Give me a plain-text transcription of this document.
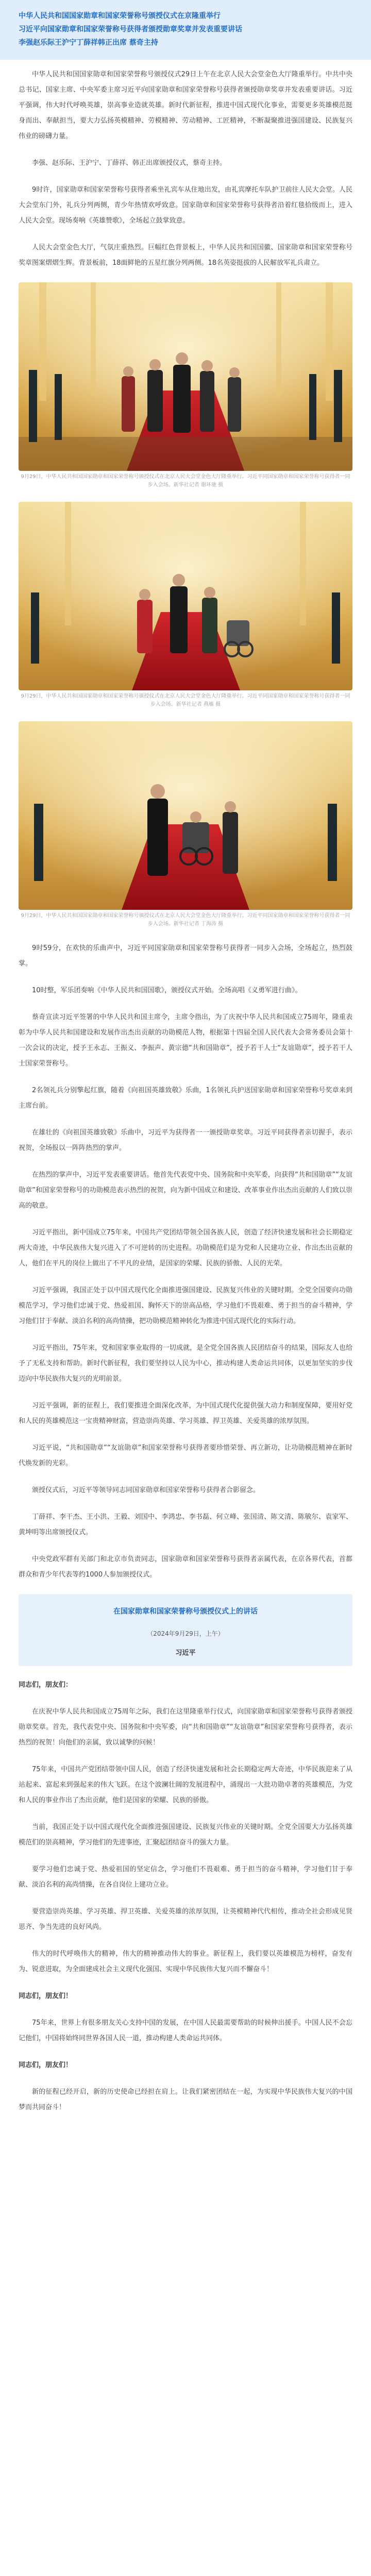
中华人民共和国国家勋章和国家荣誉称号颁授仪式在京隆重举行

习近平向国家勋章和国家荣誉称号获得者颁授勋章奖章并发表重要讲话

李强赵乐际王沪宁丁薛祥韩正出席 蔡奇主持

中华人民共和国国家勋章和国家荣誉称号颁授仪式29日上午在北京人民大会堂金色大厅隆重举行。中共中央总书记、国家主席、中央军委主席习近平向国家勋章和国家荣誉称号获得者颁授勋章奖章并发表重要讲话。习近平强调，伟大时代呼唤英雄，崇高事业造就英雄。新时代新征程，推进中国式现代化事业，需要更多英雄模范挺身而出、奉献担当，要大力弘扬英模精神、劳模精神、劳动精神、工匠精神，不断凝聚推进强国建设、民族复兴伟业的磅礴力量。

李强、赵乐际、王沪宁、丁薛祥、韩正出席颁授仪式，蔡奇主持。

9时许，国家勋章和国家荣誉称号获得者乘坐礼宾车从住地出发，由礼宾摩托车队护卫前往人民大会堂。人民大会堂东门外，礼兵分列两侧，青少年热情欢呼致意。国家勋章和国家荣誉称号获得者沿着红毯拾级而上，进入人民大会堂。现场奏响《英雄赞歌》，全场起立鼓掌致意。

人民大会堂金色大厅，气氛庄重热烈。巨幅红色背景板上，中华人民共和国国徽、国家勋章和国家荣誉称号奖章图案熠熠生辉。背景板前，18面鲜艳的五星红旗分列两侧。18名英姿挺拔的人民解放军礼兵肃立。

9月29日，中华人民共和国国家勋章和国家荣誉称号颁授仪式在北京人民大会堂金色大厅隆重举行。习近平同国家勋章和国家荣誉称号获得者一同步入会场。新华社记者 谢环驰 摄
9月29日，中华人民共和国国家勋章和国家荣誉称号颁授仪式在北京人民大会堂金色大厅隆重举行。习近平同国家勋章和国家荣誉称号获得者一同步入会场。新华社记者 燕雁 摄
9月29日，中华人民共和国国家勋章和国家荣誉称号颁授仪式在北京人民大会堂金色大厅隆重举行。习近平同国家勋章和国家荣誉称号获得者一同步入会场。新华社记者 丁海涛 摄

9时59分，在欢快的乐曲声中，习近平同国家勋章和国家荣誉称号获得者一同步入会场，全场起立，热烈鼓掌。

10时整，军乐团奏响《中华人民共和国国歌》，颁授仪式开始。全场高唱《义勇军进行曲》。

蔡奇宣读习近平签署的中华人民共和国主席令，主席令指出，为了庆祝中华人民共和国成立75周年，隆重表彰为中华人民共和国建设和发展作出杰出贡献的功勋模范人物，根据第十四届全国人民代表大会常务委员会第十一次会议的决定，授予王永志、王振义、李振声、黄宗德“共和国勋章”，授予若干人士“友谊勋章”，授予若干人士国家荣誉称号。

2名领礼兵分别擎起红旗，随着《向祖国英雄致敬》乐曲，1名领礼兵护送国家勋章和国家荣誉称号奖章来到主席台前。

在雄壮的《向祖国英雄致敬》乐曲中，习近平为获得者一一颁授勋章奖章。习近平同获得者亲切握手，表示祝贺，全场报以一阵阵热烈的掌声。

在热烈的掌声中，习近平发表重要讲话。他首先代表党中央、国务院和中央军委，向获得“共和国勋章”“友谊勋章”和国家荣誉称号的功勋模范表示热烈的祝贺，向为新中国成立和建设、改革事业作出杰出贡献的人们致以崇高的敬意。

习近平指出，新中国成立75年来，中国共产党团结带领全国各族人民，创造了经济快速发展和社会长期稳定两大奇迹，中华民族伟大复兴进入了不可逆转的历史进程。功勋模范们是为党和人民建功立业、作出杰出贡献的人，他们在平凡的岗位上做出了不平凡的业绩，是国家的荣耀、民族的骄傲、人民的光荣。

习近平强调，我国正处于以中国式现代化全面推进强国建设、民族复兴伟业的关键时期。全党全国要向功勋模范学习，学习他们忠诚于党、热爱祖国、胸怀天下的崇高品格，学习他们不畏艰难、勇于担当的奋斗精神，学习他们甘于奉献、淡泊名利的高尚情操，把功勋模范精神转化为推进中国式现代化的实际行动。

习近平指出，75年来，党和国家事业取得的一切成就，是全党全国各族人民团结奋斗的结果，国际友人也给予了无私支持和帮助。新时代新征程，我们要坚持以人民为中心，推动构建人类命运共同体，以更加坚实的步伐迈向中华民族伟大复兴的光明前景。

习近平强调，新的征程上，我们要推进全面深化改革，为中国式现代化提供强大动力和制度保障，要用好党和人民的英雄模范这一宝贵精神财富，营造崇尚英雄、学习英雄、捍卫英雄、关爱英雄的浓厚氛围。

习近平说，“共和国勋章”“友谊勋章”和国家荣誉称号获得者要珍惜荣誉、再立新功，让功勋模范精神在新时代焕发新的光彩。

颁授仪式后，习近平等领导同志同国家勋章和国家荣誉称号获得者合影留念。

丁薛祥、李干杰、王小洪、王毅、刘国中、李鸿忠、李书磊、何立峰、张国清、陈文清、陈敏尔、袁家军、黄坤明等出席颁授仪式。

中央党政军群有关部门和北京市负责同志，国家勋章和国家荣誉称号获得者亲属代表，在京各界代表，首都群众和青少年代表等约1000人参加颁授仪式。

在国家勋章和国家荣誉称号颁授仪式上的讲话

（2024年9月29日，上午）

习近平

同志们，朋友们：

在庆祝中华人民共和国成立75周年之际，我们在这里隆重举行仪式，向国家勋章和国家荣誉称号获得者颁授勋章奖章。首先，我代表党中央、国务院和中央军委，向“共和国勋章”“友谊勋章”和国家荣誉称号获得者，表示热烈的祝贺！向他们的亲属，致以诚挚的问候！

75年来，中国共产党团结带领中国人民，创造了经济快速发展和社会长期稳定两大奇迹，中华民族迎来了从站起来、富起来到强起来的伟大飞跃。在这个波澜壮阔的发展进程中，涌现出一大批功勋卓著的英雄模范，为党和人民的事业作出了杰出贡献，他们是国家的荣耀、民族的骄傲。

当前，我国正处于以中国式现代化全面推进强国建设、民族复兴伟业的关键时期。全党全国要大力弘扬英雄模范们的崇高精神，学习他们的先进事迹，汇聚起团结奋斗的强大力量。

要学习他们忠诚于党、热爱祖国的坚定信念，学习他们不畏艰难、勇于担当的奋斗精神，学习他们甘于奉献、淡泊名利的高尚情操，在各自岗位上建功立业。

要营造崇尚英雄、学习英雄、捍卫英雄、关爱英雄的浓厚氛围，让英模精神代代相传，推动全社会形成见贤思齐、争当先进的良好风尚。

伟大的时代呼唤伟大的精神，伟大的精神推动伟大的事业。新征程上，我们要以英雄模范为榜样，奋发有为、锐意进取，为全面建成社会主义现代化强国、实现中华民族伟大复兴而不懈奋斗！

同志们，朋友们！

75年来，世界上有很多朋友关心支持中国的发展，在中国人民最需要帮助的时候伸出援手。中国人民不会忘记他们，中国将始终同世界各国人民一道，推动构建人类命运共同体。

同志们，朋友们！

新的征程已经开启，新的历史使命已经担在肩上。让我们紧密团结在一起，为实现中华民族伟大复兴的中国梦而共同奋斗！
